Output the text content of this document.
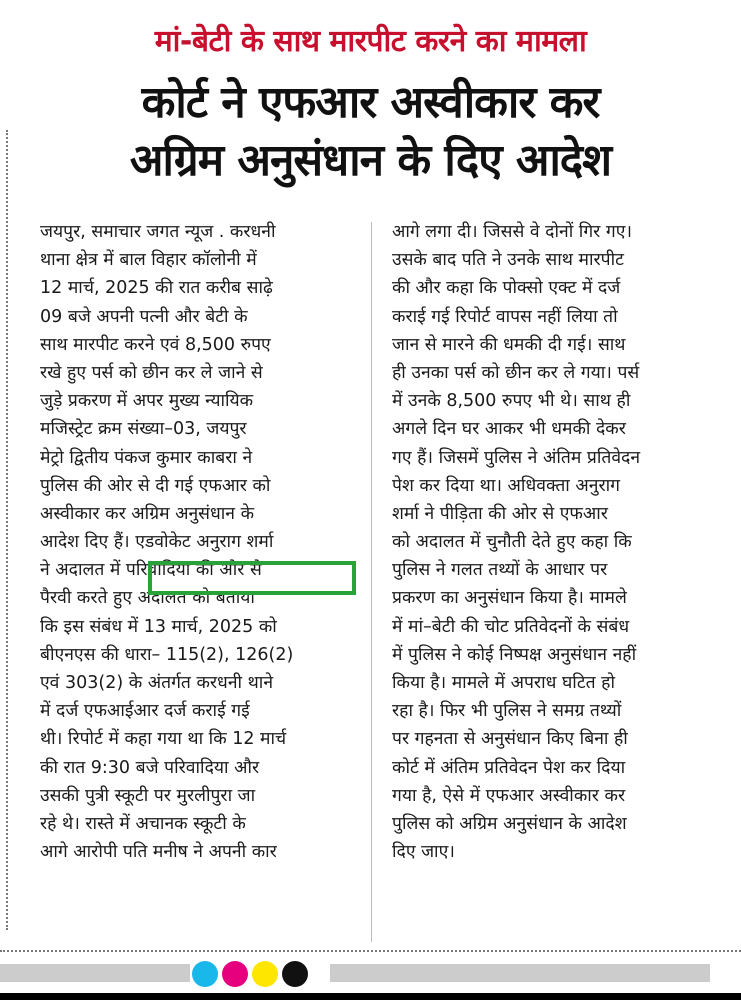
मां-बेटी के साथ मारपीट करने का मामला
कोर्ट ने एफआर अस्वीकार कर
अग्रिम अनुसंधान के दिए आदेश
जयपुर, समाचार जगत न्यूज . करधनी
थाना क्षेत्र में बाल विहार कॉलोनी में
12 मार्च, 2025 की रात करीब साढ़े
09 बजे अपनी पत्नी और बेटी के
साथ मारपीट करने एवं 8,500 रुपए
रखे हुए पर्स को छीन कर ले जाने से
जुड़े प्रकरण में अपर मुख्य न्यायिक
मजिस्ट्रेट क्रम संख्या–03, जयपुर
मेट्रो द्वितीय पंकज कुमार काबरा ने
पुलिस की ओर से दी गई एफआर को
अस्वीकार कर अग्रिम अनुसंधान के
आदेश दिए हैं। एडवोकेट अनुराग शर्मा
ने अदालत में परिवादिया की ओर से
पैरवी करते हुए अदालत को बताया
कि इस संबंध में 13 मार्च, 2025 को
बीएनएस की धारा– 115(2), 126(2)
एवं 303(2) के अंतर्गत करधनी थाने
में दर्ज एफआईआर दर्ज कराई गई
थी। रिपोर्ट में कहा गया था कि 12 मार्च
की रात 9:30 बजे परिवादिया और
उसकी पुत्री स्कूटी पर मुरलीपुरा जा
रहे थे। रास्ते में अचानक स्कूटी के
आगे आरोपी पति मनीष ने अपनी कार
आगे लगा दी। जिससे वे दोनों गिर गए।
उसके बाद पति ने उनके साथ मारपीट
की और कहा कि पोक्सो एक्ट में दर्ज
कराई गई रिपोर्ट वापस नहीं लिया तो
जान से मारने की धमकी दी गई। साथ
ही उनका पर्स को छीन कर ले गया। पर्स
में उनके 8,500 रुपए भी थे। साथ ही
अगले दिन घर आकर भी धमकी देकर
गए हैं। जिसमें पुलिस ने अंतिम प्रतिवेदन
पेश कर दिया था। अधिवक्ता अनुराग
शर्मा ने पीड़िता की ओर से एफआर
को अदालत में चुनौती देते हुए कहा कि
पुलिस ने गलत तथ्यों के आधार पर
प्रकरण का अनुसंधान किया है। मामले
में मां–बेटी की चोट प्रतिवेदनों के संबंध
में पुलिस ने कोई निष्पक्ष अनुसंधान नहीं
किया है। मामले में अपराध घटित हो
रहा है। फिर भी पुलिस ने समग्र तथ्यों
पर गहनता से अनुसंधान किए बिना ही
कोर्ट में अंतिम प्रतिवेदन पेश कर दिया
गया है, ऐसे में एफआर अस्वीकार कर
पुलिस को अग्रिम अनुसंधान के आदेश
दिए जाए।
